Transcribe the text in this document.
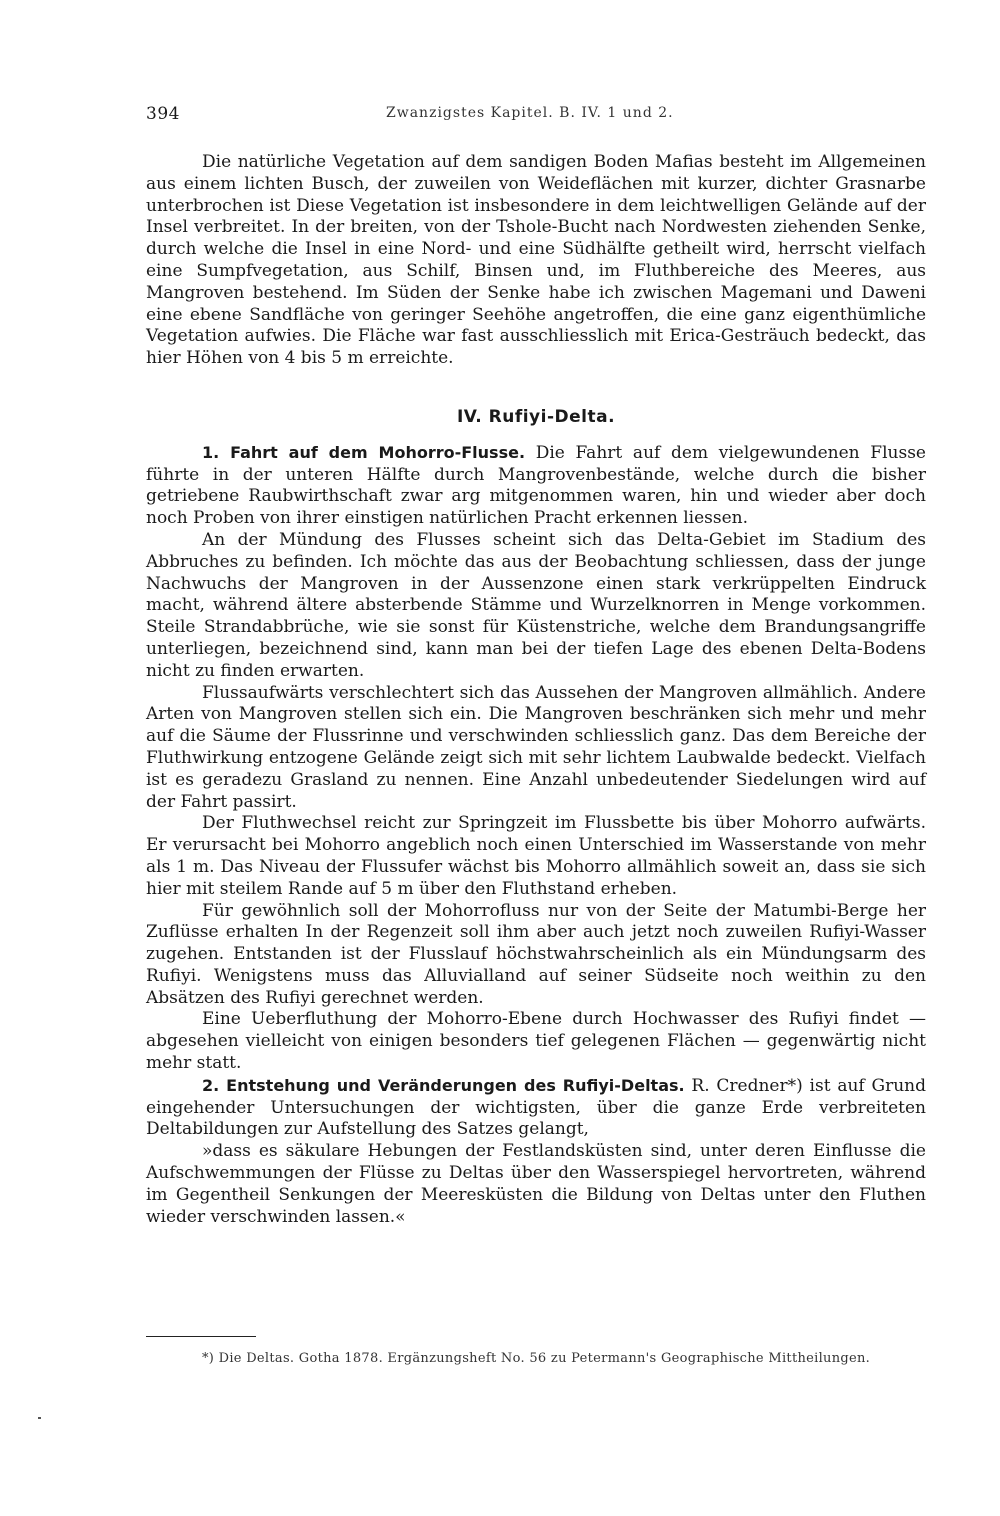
394	Zwanzigstes Kapitel. B. IV. 1 und 2.

Die natürliche Vegetation auf dem sandigen Boden Mafias besteht im Allgemeinen aus einem lichten Busch, der zuweilen von Weideflächen mit kurzer, dichter Grasnarbe unterbrochen ist Diese Vegetation ist insbesondere in dem leichtwelligen Gelände auf der Insel verbreitet. In der breiten, von der Tshole-Bucht nach Nordwesten ziehenden Senke, durch welche die Insel in eine Nord- und eine Südhälfte getheilt wird, herrscht vielfach eine Sumpfvegetation, aus Schilf, Binsen und, im Fluthbereiche des Meeres, aus Mangroven bestehend. Im Süden der Senke habe ich zwischen Magemani und Daweni eine ebene Sandfläche von geringer Seehöhe angetroffen, die eine ganz eigenthümliche Vegetation aufwies. Die Fläche war fast ausschliesslich mit Erica-Gesträuch bedeckt, das hier Höhen von 4 bis 5 m erreichte.

IV. Rufiyi-Delta.

1. Fahrt auf dem Mohorro-Flusse. Die Fahrt auf dem vielgewundenen Flusse führte in der unteren Hälfte durch Mangrovenbestände, welche durch die bisher getriebene Raubwirthschaft zwar arg mitgenommen waren, hin und wieder aber doch noch Proben von ihrer einstigen natürlichen Pracht erkennen liessen.

An der Mündung des Flusses scheint sich das Delta-Gebiet im Stadium des Abbruches zu befinden. Ich möchte das aus der Beobachtung schliessen, dass der junge Nachwuchs der Mangroven in der Aussenzone einen stark verkrüppelten Eindruck macht, während ältere absterbende Stämme und Wurzelknorren in Menge vorkommen. Steile Strandabbrüche, wie sie sonst für Küstenstriche, welche dem Brandungsangriffe unterliegen, bezeichnend sind, kann man bei der tiefen Lage des ebenen Delta-Bodens nicht zu finden erwarten.

Flussaufwärts verschlechtert sich das Aussehen der Mangroven allmählich. Andere Arten von Mangroven stellen sich ein. Die Mangroven beschränken sich mehr und mehr auf die Säume der Flussrinne und verschwinden schliesslich ganz. Das dem Bereiche der Fluthwirkung entzogene Gelände zeigt sich mit sehr lichtem Laubwalde bedeckt. Vielfach ist es geradezu Grasland zu nennen. Eine Anzahl unbedeutender Siedelungen wird auf der Fahrt passirt.

Der Fluthwechsel reicht zur Springzeit im Flussbette bis über Mohorro aufwärts. Er verursacht bei Mohorro angeblich noch einen Unterschied im Wasserstande von mehr als 1 m. Das Niveau der Flussufer wächst bis Mohorro allmählich soweit an, dass sie sich hier mit steilem Rande auf 5 m über den Fluthstand erheben.

Für gewöhnlich soll der Mohorrofluss nur von der Seite der Matumbi-Berge her Zuflüsse erhalten In der Regenzeit soll ihm aber auch jetzt noch zuweilen Rufiyi-Wasser zugehen. Entstanden ist der Flusslauf höchstwahrscheinlich als ein Mündungsarm des Rufiyi. Wenigstens muss das Alluvialland auf seiner Südseite noch weithin zu den Absätzen des Rufiyi gerechnet werden.

Eine Ueberfluthung der Mohorro-Ebene durch Hochwasser des Rufiyi findet — abgesehen vielleicht von einigen besonders tief gelegenen Flächen — gegenwärtig nicht mehr statt.

2. Entstehung und Veränderungen des Rufiyi-Deltas. R. Credner*) ist auf Grund eingehender Untersuchungen der wichtigsten, über die ganze Erde verbreiteten Deltabildungen zur Aufstellung des Satzes gelangt,

»dass es säkulare Hebungen der Festlandsküsten sind, unter deren Einflusse die Aufschwemmungen der Flüsse zu Deltas über den Wasserspiegel hervortreten, während im Gegentheil Senkungen der Meeresküsten die Bildung von Deltas unter den Fluthen wieder verschwinden lassen.«

*) Die Deltas. Gotha 1878. Ergänzungsheft No. 56 zu Petermann's Geographische Mittheilungen.
